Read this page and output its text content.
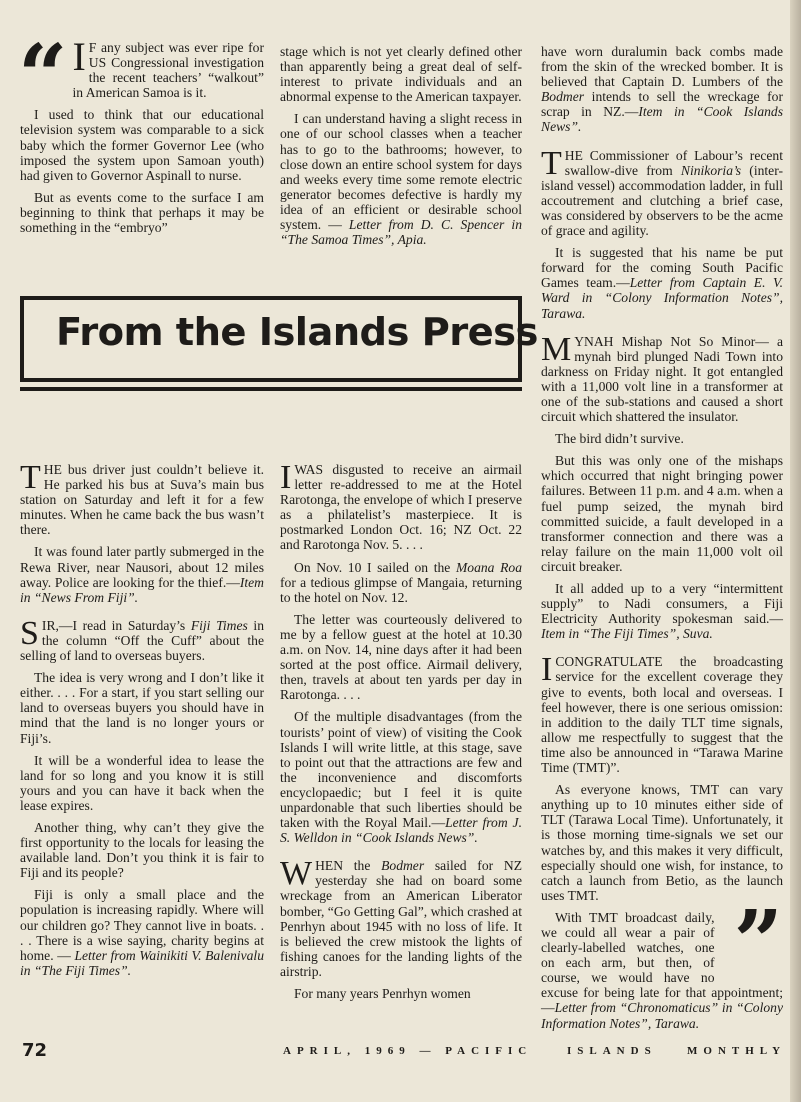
“ I F any subject was ever ripe for US Congressional investigation the recent teachers’ “walkout” in American Samoa is it.

I used to think that our educational television system was comparable to a sick baby which the former Governor Lee (who imposed the system upon Samoan youth) had given to Governor Aspinall to nurse.

But as events come to the surface I am beginning to think that perhaps it may be something in the “embryo”

stage which is not yet clearly defined other than apparently being a great deal of self-interest to private individuals and an abnormal expense to the American taxpayer.

I can understand having a slight recess in one of our school classes when a teacher has to go to the bathrooms; however, to close down an entire school system for days and weeks every time some remote electric generator becomes defective is hardly my idea of an efficient or desirable school system. — Letter from D. C. Spencer in “The Samoa Times”, Apia.

From the Islands Press

THE bus driver just couldn’t believe it. He parked his bus at Suva’s main bus station on Saturday and left it for a few minutes. When he came back the bus wasn’t there.

It was found later partly submerged in the Rewa River, near Nausori, about 12 miles away. Police are looking for the thief.—Item in “News From Fiji”.

SIR,—I read in Saturday’s Fiji Times in the column “Off the Cuff” about the selling of land to overseas buyers.

The idea is very wrong and I don’t like it either. . . . For a start, if you start selling our land to overseas buyers you should have in mind that the land is no longer yours or Fiji’s.

It will be a wonderful idea to lease the land for so long and you know it is still yours and you can have it back when the lease expires.

Another thing, why can’t they give the first opportunity to the locals for leasing the available land. Don’t you think it is fair to Fiji and its people?

Fiji is only a small place and the population is increasing rapidly. Where will our children go? They cannot live in boats. . . . There is a wise saying, charity begins at home. — Letter from Wainikiti V. Balenivalu in “The Fiji Times”.

IWAS disgusted to receive an airmail letter re-addressed to me at the Hotel Rarotonga, the envelope of which I preserve as a philatelist’s masterpiece. It is postmarked London Oct. 16; NZ Oct. 22 and Rarotonga Nov. 5. . . .

On Nov. 10 I sailed on the Moana Roa for a tedious glimpse of Mangaia, returning to the hotel on Nov. 12.

The letter was courteously delivered to me by a fellow guest at the hotel at 10.30 a.m. on Nov. 14, nine days after it had been sorted at the post office. Airmail delivery, then, travels at about ten yards per day in Rarotonga. . . .

Of the multiple disadvantages (from the tourists’ point of view) of visiting the Cook Islands I will write little, at this stage, save to point out that the attractions are few and the inconvenience and discomforts encyclopaedic; but I feel it is quite unpardonable that such liberties should be taken with the Royal Mail.—Letter from J. S. Welldon in “Cook Islands News”.

WHEN the Bodmer sailed for NZ yesterday she had on board some wreckage from an American Liberator bomber, “Go Getting Gal”, which crashed at Penrhyn about 1945 with no loss of life. It is believed the crew mistook the lights of fishing canoes for the landing lights of the airstrip.

For many years Penrhyn women

have worn duralumin back combs made from the skin of the wrecked bomber. It is believed that Captain D. Lumbers of the Bodmer intends to sell the wreckage for scrap in NZ.—Item in “Cook Islands News”.

THE Commissioner of Labour’s recent swallow-dive from Ninikoria’s (inter-island vessel) accommodation ladder, in full accoutrement and clutching a brief case, was considered by observers to be the acme of grace and agility.

It is suggested that his name be put forward for the coming South Pacific Games team.—Letter from Captain E. V. Ward in “Colony Information Notes”, Tarawa.

MYNAH Mishap Not So Minor— a mynah bird plunged Nadi Town into darkness on Friday night. It got entangled with a 11,000 volt line in a transformer at one of the sub-stations and caused a short circuit which shattered the insulator.

The bird didn’t survive.

But this was only one of the mishaps which occurred that night bringing power failures. Between 11 p.m. and 4 a.m. when a fuel pump seized, the mynah bird committed suicide, a fault developed in a transformer connection and there was a relay failure on the main 11,000 volt oil circuit breaker.

It all added up to a very “intermittent supply” to Nadi consumers, a Fiji Electricity Authority spokesman said.—Item in “The Fiji Times”, Suva.

ICONGRATULATE the broadcasting service for the excellent coverage they give to events, both local and overseas. I feel however, there is one serious omission: in addition to the daily TLT time signals, allow me respectfully to suggest that the time also be announced in “Tarawa Marine Time (TMT)”.

As everyone knows, TMT can vary anything up to 10 minutes either side of TLT (Tarawa Local Time). Unfortunately, it is those morning time-signals we set our watches by, and this makes it very difficult, especially should one wish, for instance, to catch a launch from Betio, as the launch uses TMT.	”
With TMT broadcast daily, we could all wear a pair of clearly-labelled watches, one on each arm, but then, of course, we would have no excuse for being late for that appointment;—Letter from “Chronomaticus” in “Colony Information Notes”, Tarawa.

72	APRIL, 1969 — PACIFIC	ISLANDS	MONTHLY
